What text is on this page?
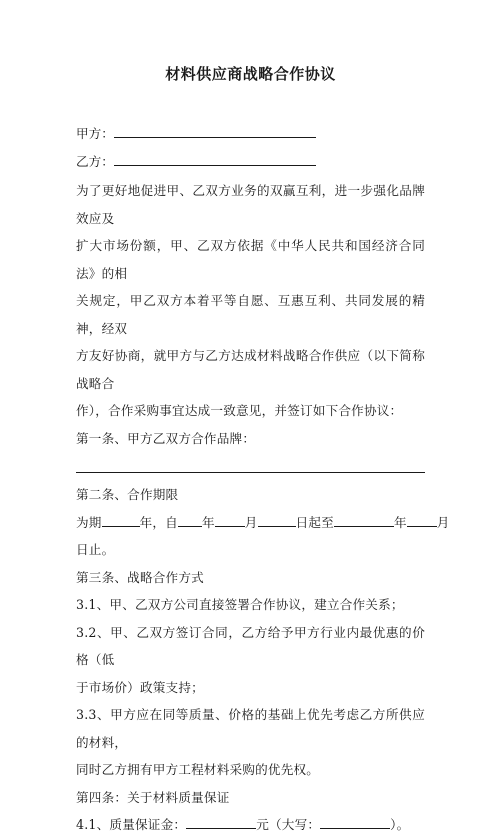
材料供应商战略合作协议
甲方：
乙方：
为了更好地促进甲、乙双方业务的双赢互利，进一步强化品牌效应及
扩大市场份额，甲、乙双方依据《中华人民共和国经济合同法》的相
关规定，甲乙双方本着平等自愿、互惠互利、共同发展的精神，经双
方友好协商，就甲方与乙方达成材料战略合作供应（以下简称战略合
作），合作采购事宜达成一致意见，并签订如下合作协议：
第一条、甲方乙双方合作品牌：
第二条、合作期限
为期	年，自 年 月	日起至	年 月
日止。
第三条、战略合作方式
3.1、甲、乙双方公司直接签署合作协议，建立合作关系；
3.2、甲、乙双方签订合同，乙方给予甲方行业内最优惠的价格（低
于市场价）政策支持；
3.3、甲方应在同等质量、价格的基础上优先考虑乙方所供应的材料，
同时乙方拥有甲方工程材料采购的优先权。
第四条：关于材料质量保证
4.1、质量保证金：	元（大写：	）。
